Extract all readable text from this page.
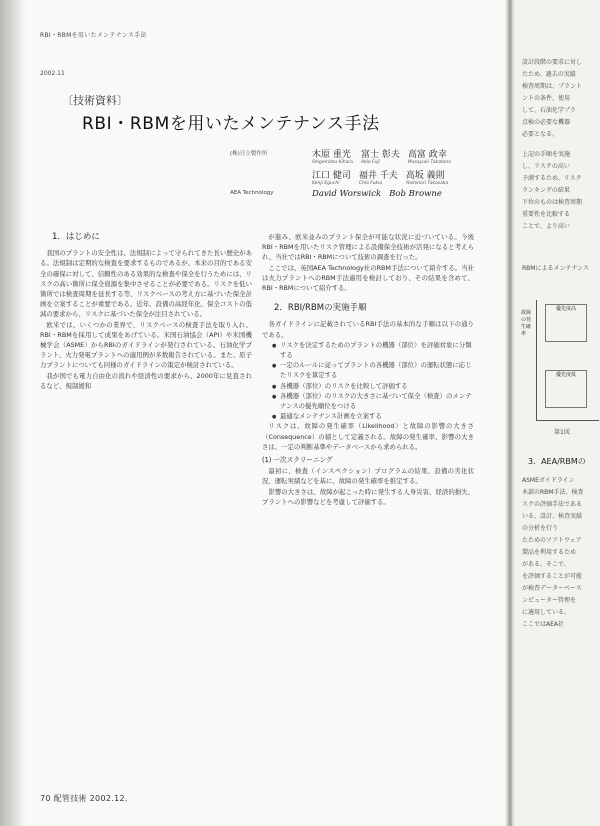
RBI・RBMを用いたメンテナンス手法
2002.11
〔技術資料〕
RBI・RBMを用いたメンテナンス手法
(株)日立製作所	木原 重光
Shigemitsu Kihara
富士 彰夫
Akio Fuji
高富 政幸
Masayuki Takatomi
江口 健司
Kenji Eguchi
福井 千夫
Chio Fukui
高坂 義則
Yoshinori Takasaka
AEA Technology	David Worswick Bob Browne
1．はじめに

我国のプラントの安全性は、法規制によって守られてきた長い歴史がある。法規制は定期的な検査を要求するものであるが、本来の目的である安全の確保に対して、信頼性のある効果的な検査や保全を行うためには、リスクの高い箇所に保全資源を集中させることが必要である。リスクを低い箇所では検査周期を延長する等、リスクベースの考え方に基づいた保全計画を立案することが重要である。近年、設備の高経年化、保全コストの低減の要求から、リスクに基づいた保全が注目されている。

欧米では、いくつかの業界で、リスクベースの検査手法を取り入れ、RBI・RBMを採用して成果をあげている。米国石油協会（API）や米国機械学会（ASME）からRBIのガイドラインが発行されている。石油化学プラント、火力発電プラントへの適用例が多数報告されている。また、原子力プラントについても同様のガイドラインの策定が検討されている。

我が国でも電力自由化の流れや経済性の要求から、2000年に見直されるなど、規制緩和

が進み、欧米並みのプラント保全が可能な状況に近づいている。今後RBI・RBMを用いたリスク管理による設備保全技術が活発になると考えられ、当社ではRBI・RBMについて技術の調査を行った。

ここでは、英国AEA Technology社のRBM手法について紹介する。当社は火力プラントへのRBM手法適用を検討しており、その結果を含めて、RBI・RBMについて紹介する。

2．RBI/RBMの実施手順

各ガイドラインに記載されているRBI手法の基本的な手順は以下の通りである。

● リスクを決定するためのプラントの機器（部位）を評価対象に分類する
● 一定のルールに従ってプラントの各機器（部位）の運転状態に応じたリスクを算定する
● 各機器（部位）のリスクを比較して評価する
● 各機器（部位）のリスクの大きさに基づいて保全（検査）のメンテナンスの優先順位をつける
● 最適なメンテナンス計画を立案する

リスクは、故障の発生確率（Likelihood）と故障の影響の大きさ（Consequence）の積として定義される。故障の発生確率、影響の大きさは、一定の判断基準やデータベースから求められる。

(1) 一次スクリーニング

最初に、検査（インスペクション）プログラムの結果、設備の劣化状況、運転実績などを基に、故障の発生確率を推定する。

影響の大きさは、故障が起こった時に発生する人身災害、経済的損失、プラントへの影響などを考慮して評価する。

70 配管技術 2002.12.
設計段階の要求に対し
たため、過去の実績
検査周期は、プラント
ントの条件、使用
して、石油化学プラ
点検の必要な機器
必要となる。
上記の手順を実施
し、リスクの高い
予測するため、リスク
ランキングの結果
下位のものは検査周期
重要性を比較する
ことで、より高い
RBMによるメンテナンス
故障の発生確率
優先度高
優先度低
第1図
3．AEA/RBMの
ASMEガイドライン
木部のRBM手法、検査
スクの評価手法である
いる。設計、検査実績
の分析を行う
たためのソフトウェア
製品を利用するため
がある。そこで、
を評価することが可能
が検査データーベース
ンピューター管理を
に適用している。
ここではAEA社
